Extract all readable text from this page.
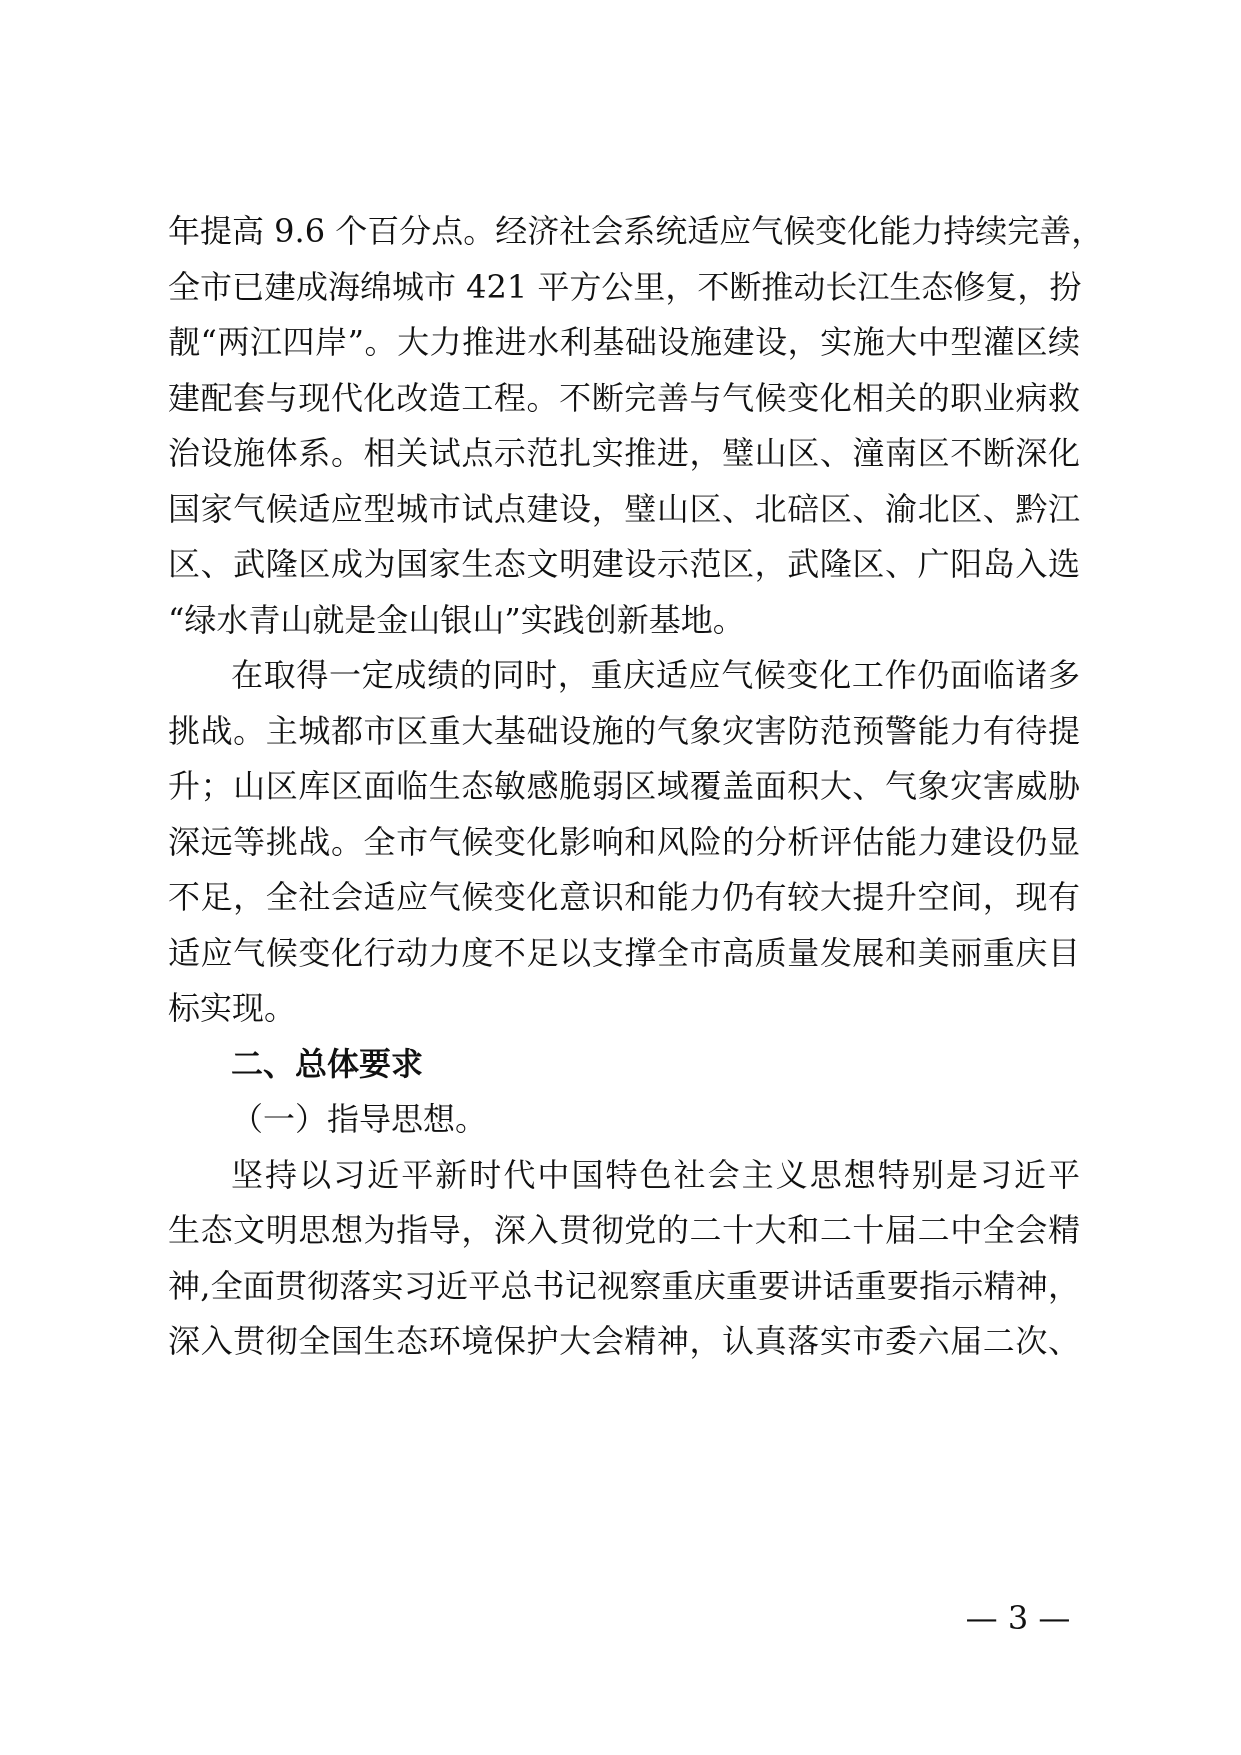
年提高 9.6 个百分点。经济社会系统适应气候变化能力持续完善，
全市已建成海绵城市 421 平方公里，不断推动长江生态修复，扮
靓“两江四岸”。大力推进水利基础设施建设，实施大中型灌区续
建配套与现代化改造工程。不断完善与气候变化相关的职业病救
治设施体系。相关试点示范扎实推进，璧山区、潼南区不断深化
国家气候适应型城市试点建设，璧山区、北碚区、渝北区、黔江
区、武隆区成为国家生态文明建设示范区，武隆区、广阳岛入选
“绿水青山就是金山银山”实践创新基地。
在取得一定成绩的同时，重庆适应气候变化工作仍面临诸多
挑战。主城都市区重大基础设施的气象灾害防范预警能力有待提
升；山区库区面临生态敏感脆弱区域覆盖面积大、气象灾害威胁
深远等挑战。全市气候变化影响和风险的分析评估能力建设仍显
不足，全社会适应气候变化意识和能力仍有较大提升空间，现有
适应气候变化行动力度不足以支撑全市高质量发展和美丽重庆目
标实现。
二、总体要求
（一）指导思想。
坚持以习近平新时代中国特色社会主义思想特别是习近平
生态文明思想为指导，深入贯彻党的二十大和二十届二中全会精
神,全面贯彻落实习近平总书记视察重庆重要讲话重要指示精神，
深入贯彻全国生态环境保护大会精神，认真落实市委六届二次、
— 3 —
